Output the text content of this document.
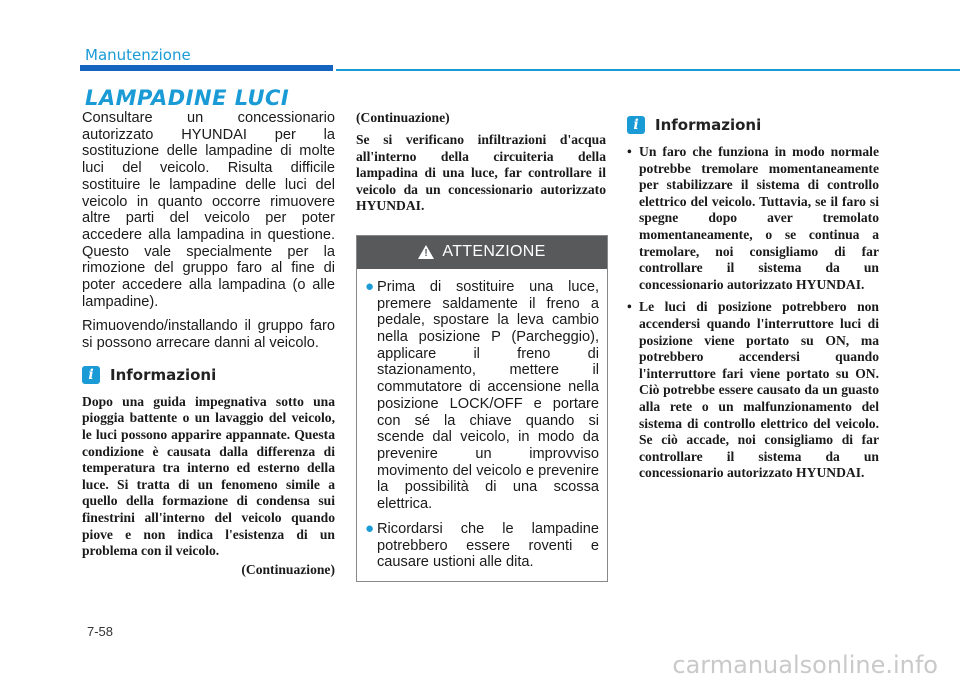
Manutenzione
LAMPADINE LUCI

Consultare un concessionario autorizzato HYUNDAI per la sostituzione delle lampadine di molte luci del veicolo. Risulta difficile sostituire le lampadine delle luci del veicolo in quanto occorre rimuovere altre parti del veicolo per poter accedere alla lampadina in questione. Questo vale specialmente per la rimozione del gruppo faro al fine di poter accedere alla lampadina (o alle lampadine).

Rimuovendo/installando il gruppo faro si possono arrecare danni al veicolo.

i	Informazioni

Dopo una guida impegnativa sotto una pioggia battente o un lavaggio del veicolo, le luci possono apparire appannate. Questa condizione è causata dalla differenza di temperatura tra interno ed esterno della luce. Si tratta di un fenomeno simile a quello della formazione di condensa sui finestrini all'interno del veicolo quando piove e non indica l'esistenza di un problema con il veicolo.

(Continuazione)
(Continuazione)

Se si verificano infiltrazioni d'acqua all'interno della circuiteria della lampadina di una luce, far controllare il veicolo da un concessionario autorizzato HYUNDAI.

! ATTENZIONE
● Prima di sostituire una luce, premere saldamente il freno a pedale, spostare la leva cambio nella posizione P (Parcheggio), applicare il freno di stazionamento, mettere il commutatore di accensione nella posizione LOCK/OFF e portare con sé la chiave quando si scende dal veicolo, in modo da prevenire un improvviso movimento del veicolo e prevenire la possibilità di una scossa elettrica.
● Ricordarsi che le lampadine potrebbero essere roventi e causare ustioni alle dita.
i	Informazioni
• Un faro che funziona in modo normale potrebbe tremolare momentaneamente per stabilizzare il sistema di controllo elettrico del veicolo. Tuttavia, se il faro si spegne dopo aver tremolato momentaneamente, o se continua a tremolare, noi consigliamo di far controllare il sistema da un concessionario autorizzato HYUNDAI.
• Le luci di posizione potrebbero non accendersi quando l'interruttore luci di posizione viene portato su ON, ma potrebbero accendersi quando l'interruttore fari viene portato su ON. Ciò potrebbe essere causato da un guasto alla rete o un malfunzionamento del sistema di controllo elettrico del veicolo. Se ciò accade, noi consigliamo di far controllare il sistema da un concessionario autorizzato HYUNDAI.
7-58
carmanualsonline.info
